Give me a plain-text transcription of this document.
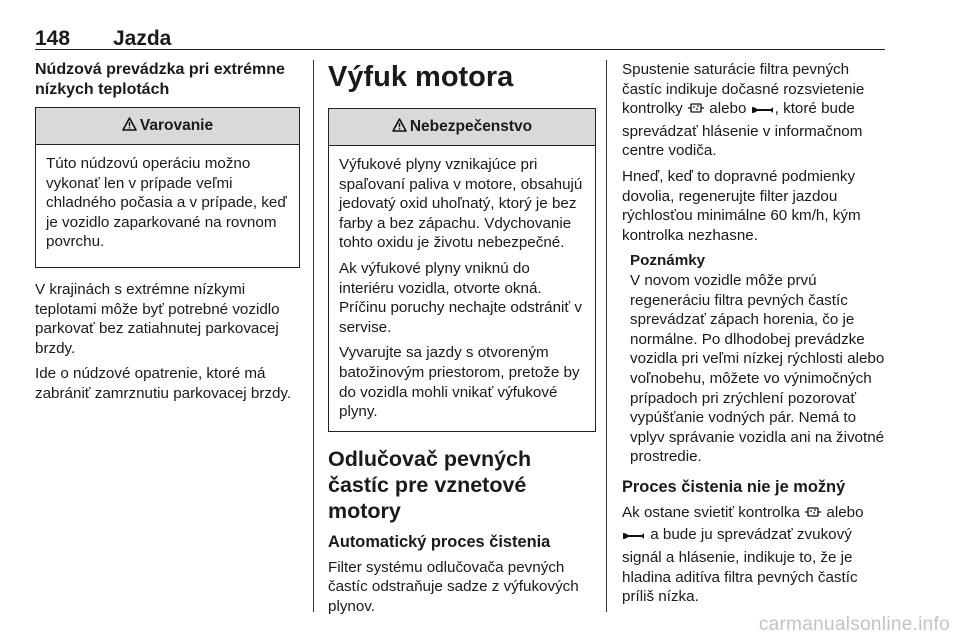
148 Jazda
Núdzová prevádzka pri extrémne nízkych teplotách
Varovanie

Túto núdzovú operáciu možno vykonať len v prípade veľmi chladného počasia a v prípade, keď je vozidlo zaparkované na rovnom povrchu.

V krajinách s extrémne nízkymi teplotami môže byť potrebné vozidlo parkovať bez zatiahnutej parkovacej brzdy.

Ide o núdzové opatrenie, ktoré má zabrániť zamrznutiu parkovacej brzdy.

Výfuk motora
Nebezpečenstvo

Výfukové plyny vznikajúce pri spaľovaní paliva v motore, obsahujú jedovatý oxid uhoľnatý, ktorý je bez farby a bez zápachu. Vdychovanie tohto oxidu je životu nebezpečné.

Ak výfukové plyny vniknú do interiéru vozidla, otvorte okná. Príčinu poruchy nechajte odstrániť v servise.

Vyvarujte sa jazdy s otvoreným batožinovým priestorom, pretože by do vozidla mohli vnikať výfukové plyny.

Odlučovač pevných častíc pre vznetové motory
Automatický proces čistenia

Filter systému odlučovača pevných častíc odstraňuje sadze z výfukových plynov.

Spustenie saturácie filtra pevných častíc indikuje dočasné rozsvietenie kontrolky alebo , ktoré bude sprevádzať hlásenie v informačnom centre vodiča.

Hneď, keď to dopravné podmienky dovolia, regenerujte filter jazdou rýchlosťou minimálne 60 km/h, kým kontrolka nezhasne.

Poznámky

V novom vozidle môže prvú regeneráciu filtra pevných častíc sprevádzať zápach horenia, čo je normálne. Po dlhodobej prevádzke vozidla pri veľmi nízkej rýchlosti alebo voľnobehu, môžete vo výnimočných prípadoch pri zrýchlení pozorovať vypúšťanie vodných pár. Nemá to vplyv správanie vozidla ani na životné prostredie.

Proces čistenia nie je možný

Ak ostane svietiť kontrolka alebo  a bude ju sprevádzať zvukový signál a hlásenie, indikuje to, že je hladina aditíva filtra pevných častíc príliš nízka.

carmanualsonline.info
